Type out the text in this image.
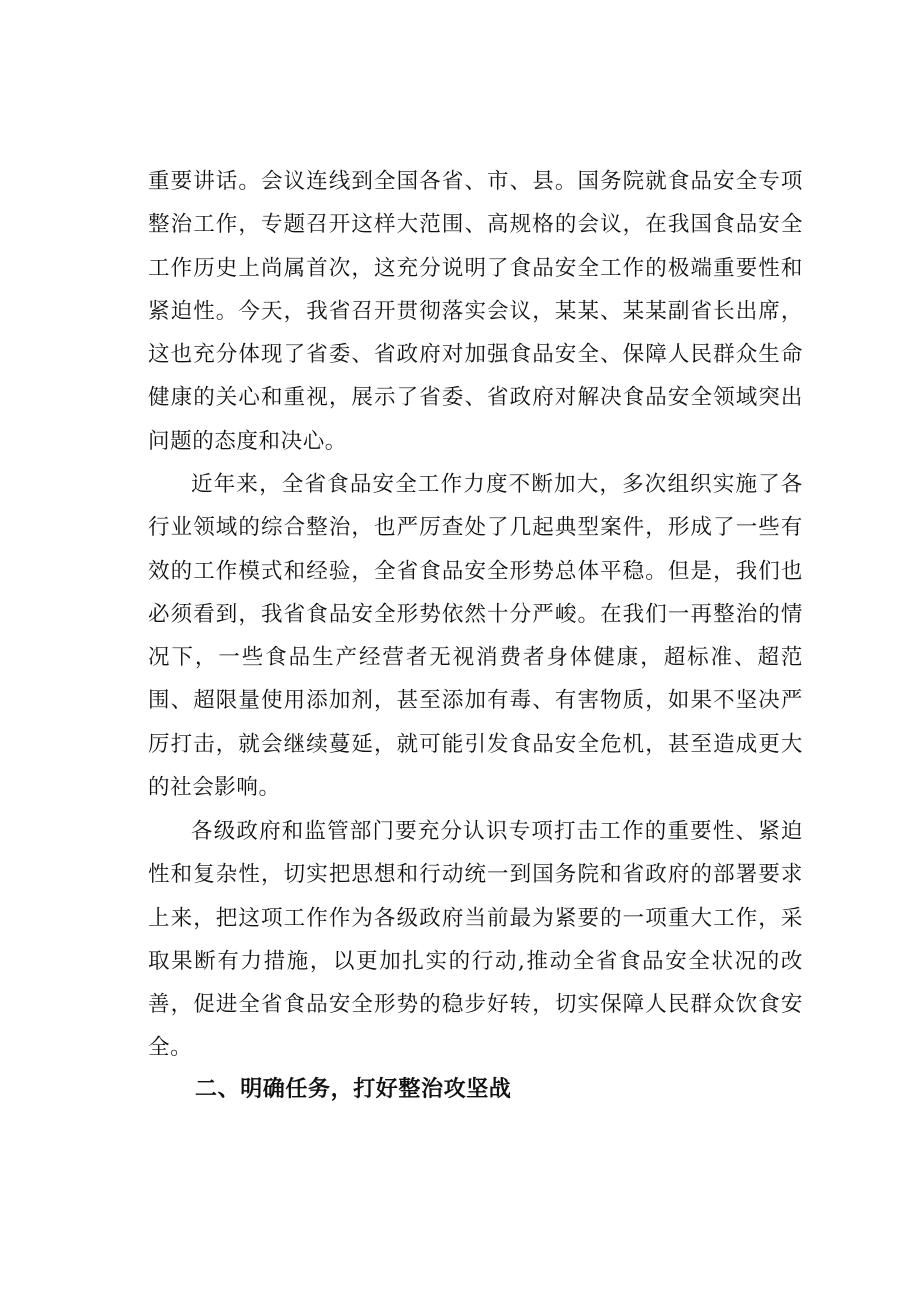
重要讲话。会议连线到全国各省、市、县。国务院就食品安全专项整治工作，专题召开这样大范围、高规格的会议，在我国食品安全工作历史上尚属首次，这充分说明了食品安全工作的极端重要性和紧迫性。今天，我省召开贯彻落实会议，某某、某某副省长出席，这也充分体现了省委、省政府对加强食品安全、保障人民群众生命健康的关心和重视，展示了省委、省政府对解决食品安全领域突出问题的态度和决心。

近年来，全省食品安全工作力度不断加大，多次组织实施了各行业领域的综合整治，也严厉查处了几起典型案件，形成了一些有效的工作模式和经验，全省食品安全形势总体平稳。但是，我们也必须看到，我省食品安全形势依然十分严峻。在我们一再整治的情况下，一些食品生产经营者无视消费者身体健康，超标准、超范围、超限量使用添加剂，甚至添加有毒、有害物质，如果不坚决严厉打击，就会继续蔓延，就可能引发食品安全危机，甚至造成更大的社会影响。

各级政府和监管部门要充分认识专项打击工作的重要性、紧迫性和复杂性，切实把思想和行动统一到国务院和省政府的部署要求上来，把这项工作作为各级政府当前最为紧要的一项重大工作，采取果断有力措施，以更加扎实的行动,推动全省食品安全状况的改善，促进全省食品安全形势的稳步好转，切实保障人民群众饮食安全。

二、明确任务，打好整治攻坚战
